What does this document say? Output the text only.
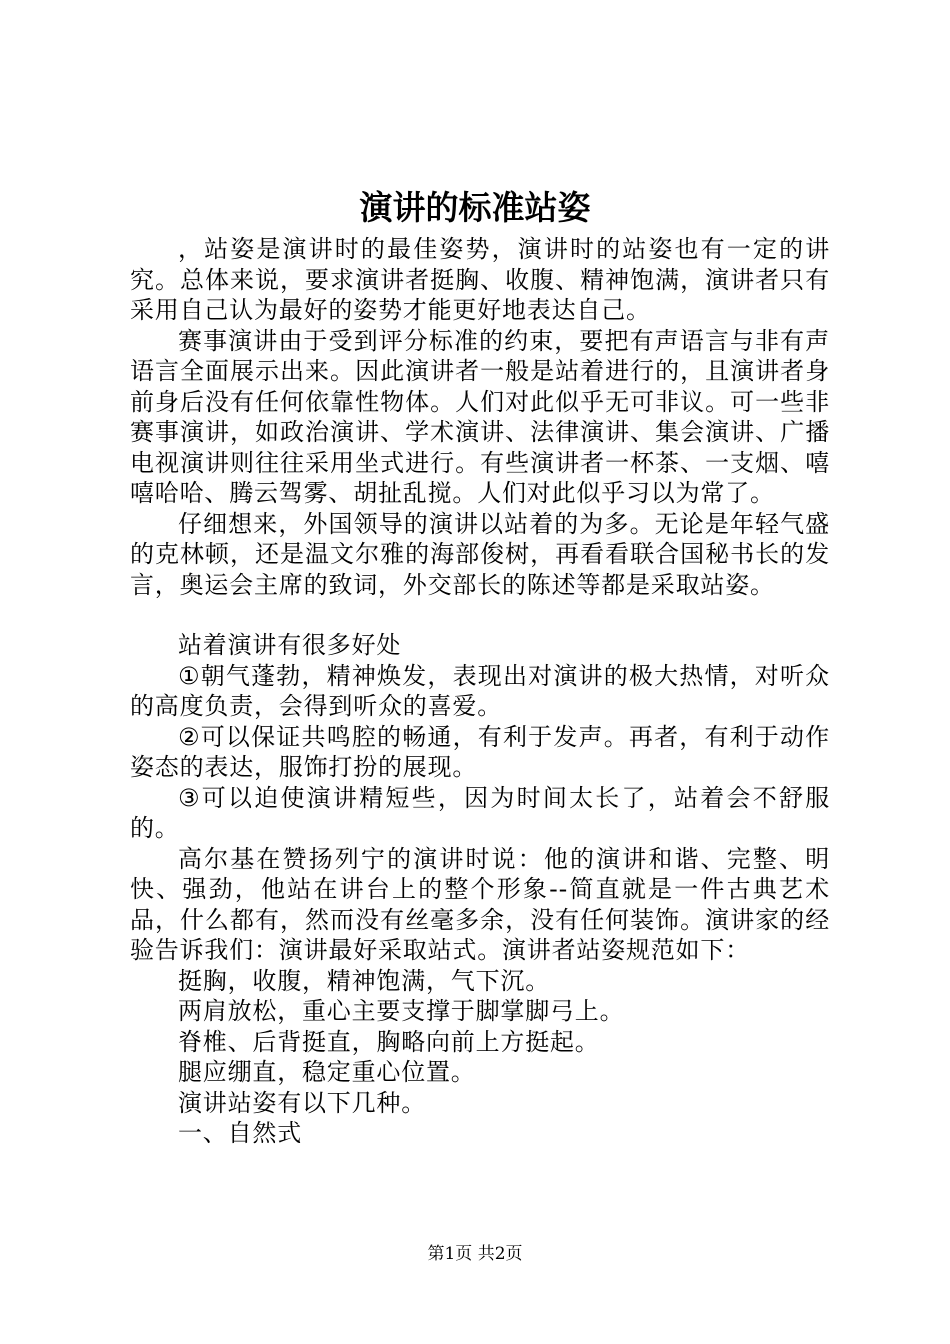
演讲的标准站姿

，站姿是演讲时的最佳姿势，演讲时的站姿也有一定的讲究。总体来说，要求演讲者挺胸、收腹、精神饱满，演讲者只有采用自己认为最好的姿势才能更好地表达自己。

赛事演讲由于受到评分标准的约束，要把有声语言与非有声语言全面展示出来。因此演讲者一般是站着进行的，且演讲者身前身后没有任何依靠性物体。人们对此似乎无可非议。可一些非赛事演讲，如政治演讲、学术演讲、法律演讲、集会演讲、广播电视演讲则往往采用坐式进行。有些演讲者一杯茶、一支烟、嘻嘻哈哈、腾云驾雾、胡扯乱搅。人们对此似乎习以为常了。

仔细想来，外国领导的演讲以站着的为多。无论是年轻气盛的克林顿，还是温文尔雅的海部俊树，再看看联合国秘书长的发言，奥运会主席的致词，外交部长的陈述等都是采取站姿。

站着演讲有很多好处

①朝气蓬勃，精神焕发，表现出对演讲的极大热情，对听众的高度负责，会得到听众的喜爱。

②可以保证共鸣腔的畅通，有利于发声。再者，有利于动作姿态的表达，服饰打扮的展现。

③可以迫使演讲精短些，因为时间太长了，站着会不舒服的。

高尔基在赞扬列宁的演讲时说：他的演讲和谐、完整、明快、强劲，他站在讲台上的整个形象--简直就是一件古典艺术品，什么都有，然而没有丝毫多余，没有任何装饰。演讲家的经验告诉我们：演讲最好采取站式。演讲者站姿规范如下：

挺胸，收腹，精神饱满，气下沉。

两肩放松，重心主要支撑于脚掌脚弓上。

脊椎、后背挺直，胸略向前上方挺起。

腿应绷直，稳定重心位置。

演讲站姿有以下几种。

一、自然式

第1页 共2页
